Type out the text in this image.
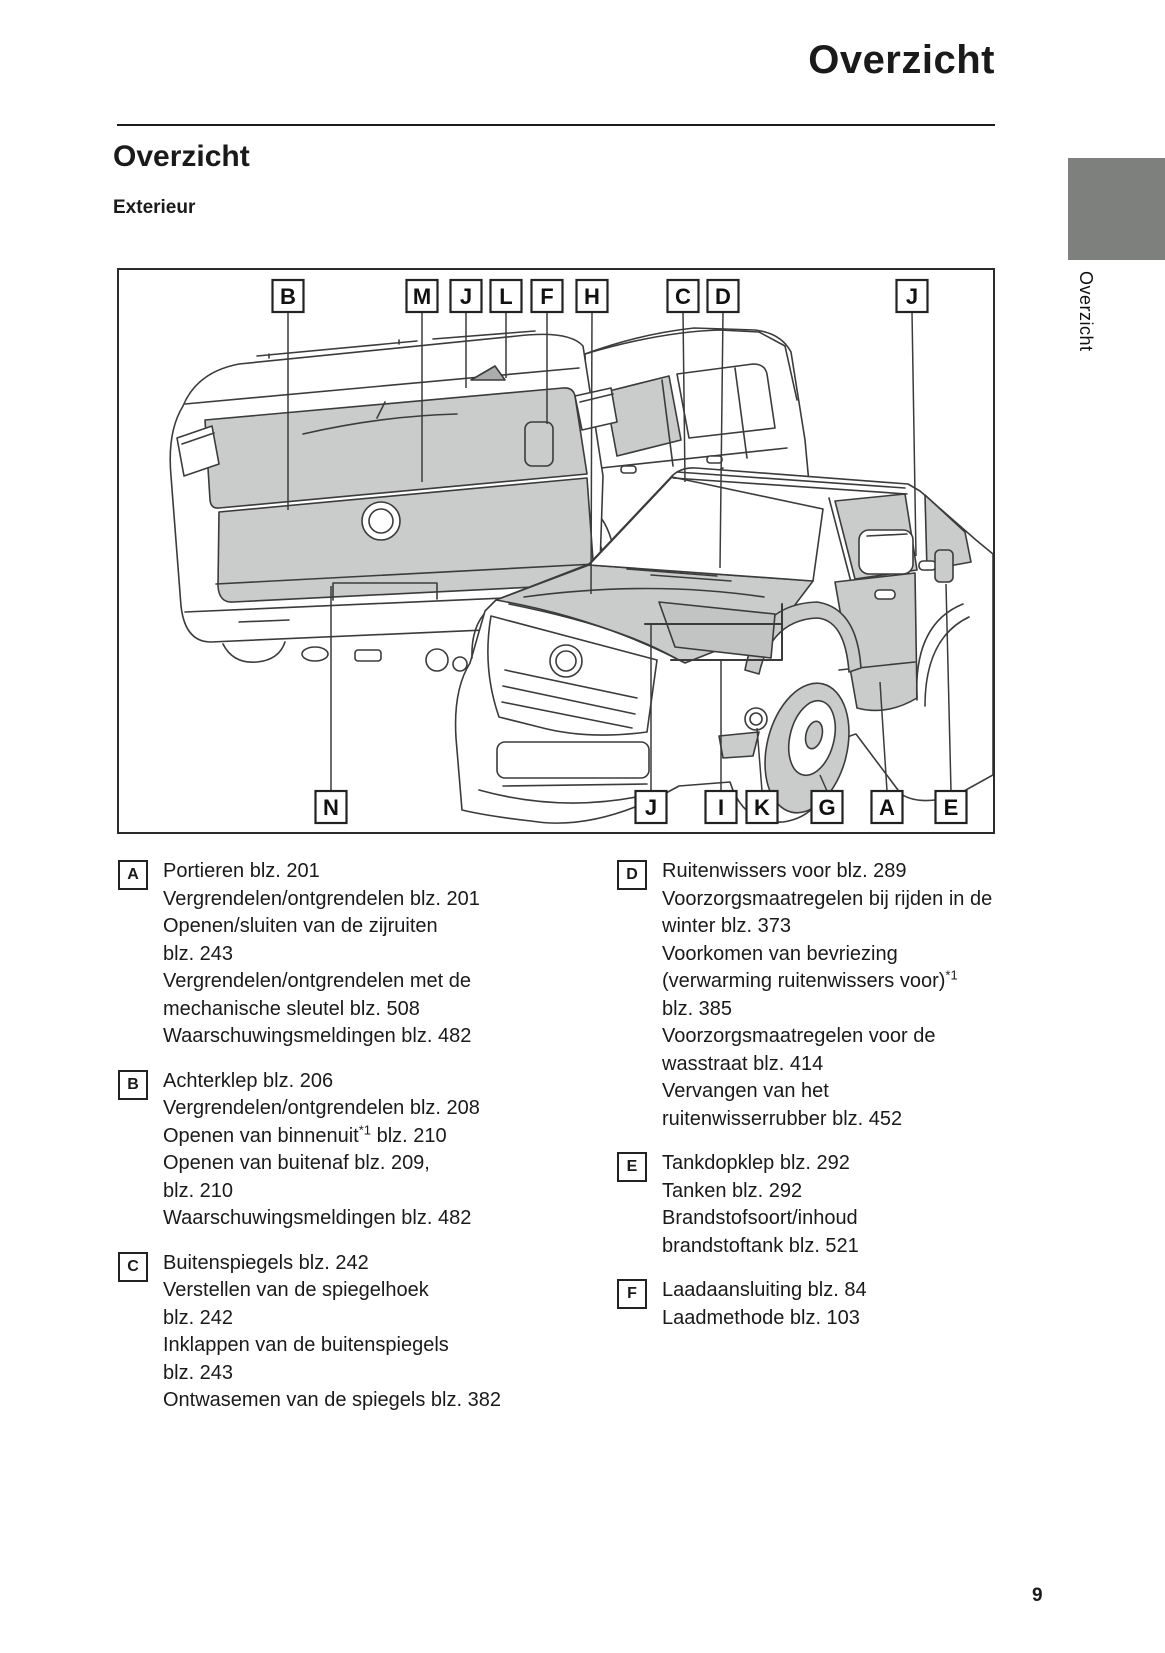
Overzicht
Overzicht
Exterieur
Overzicht
B	M J L F H	C D	J
N	J	I K G A E
A	Portieren blz. 201
Vergrendelen/ontgrendelen blz. 201
Openen/sluiten van de zijruiten
blz. 243
Vergrendelen/ontgrendelen met de
mechanische sleutel blz. 508
Waarschuwingsmeldingen blz. 482
B	Achterklep blz. 206
Vergrendelen/ontgrendelen blz. 208
Openen van binnenuit$^{*1}$ blz. 210
Openen van buitenaf blz. 209,
blz. 210
Waarschuwingsmeldingen blz. 482
C	Buitenspiegels blz. 242
Verstellen van de spiegelhoek
blz. 242
Inklappen van de buitenspiegels
blz. 243
Ontwasemen van de spiegels blz. 382
D	Ruitenwissers voor blz. 289
Voorzorgsmaatregelen bij rijden in de
winter blz. 373
Voorkomen van bevriezing
(verwarming ruitenwissers voor)$^{*1}$
blz. 385
Voorzorgsmaatregelen voor de
wasstraat blz. 414
Vervangen van het
ruitenwisserrubber blz. 452
E	Tankdopklep blz. 292
Tanken blz. 292
Brandstofsoort/inhoud
brandstoftank blz. 521
F	Laadaansluiting blz. 84
Laadmethode blz. 103
9
